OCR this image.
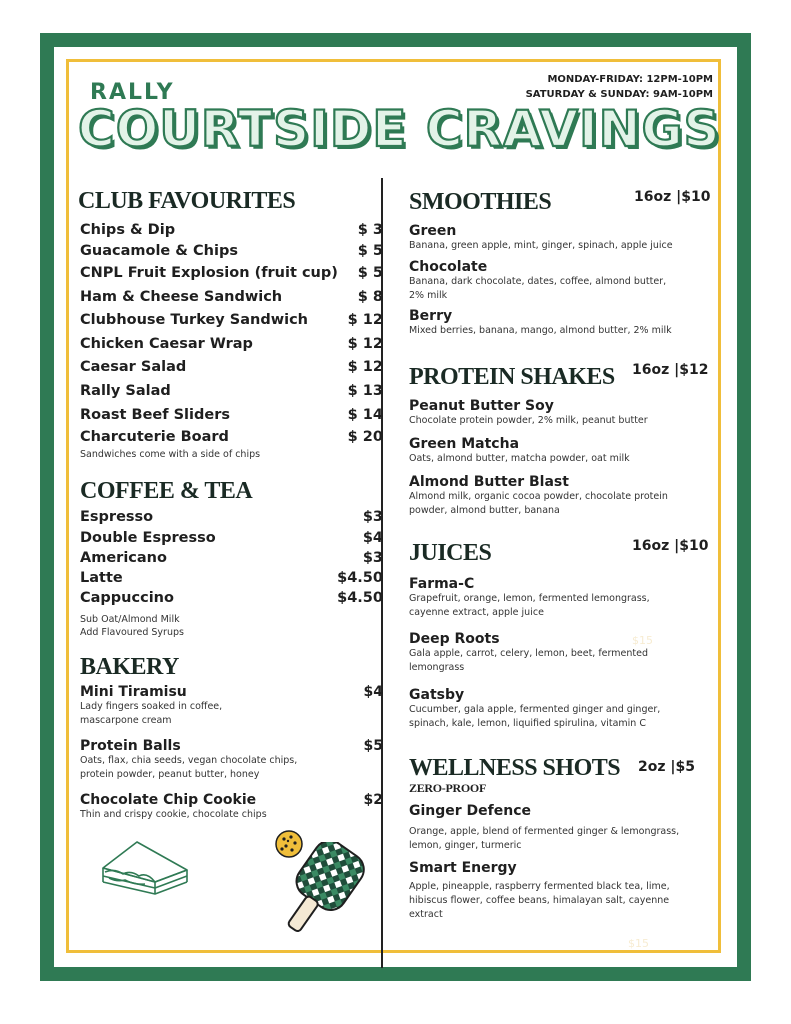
RALLY

COURTSIDE CRAVINGS
MONDAY-FRIDAY: 12PM-10PM
SATURDAY & SUNDAY: 9AM-10PM
CLUB FAVOURITES
Chips & Dip	$ 3
Guacamole & Chips	$ 5
CNPL Fruit Explosion (fruit cup) $ 5
Ham & Cheese Sandwich	$ 8
Clubhouse Turkey Sandwich	$ 12
Chicken Caesar Wrap	$ 12
Caesar Salad	$ 12
Rally Salad	$ 13
Roast Beef Sliders	$ 14
Charcuterie Board	$ 20
Sandwiches come with a side of chips
COFFEE & TEA
Espresso	$3
Double Espresso	$4
Americano	$3
Latte	$4.50
Cappuccino	$4.50
Sub Oat/Almond Milk
Add Flavoured Syrups
BAKERY
Mini Tiramisu	$4
Lady fingers soaked in coffee,
mascarpone cream
Protein Balls	$5
Oats, flax, chia seeds, vegan chocolate chips,
protein powder, peanut butter, honey
Chocolate Chip Cookie	$2
Thin and crispy cookie, chocolate chips
SMOOTHIES	16oz |$10
Green
Banana, green apple, mint, ginger, spinach, apple juice
Chocolate
Banana, dark chocolate, dates, coffee, almond butter,
2% milk
Berry
Mixed berries, banana, mango, almond butter, 2% milk
PROTEIN SHAKES 16oz |$12
Peanut Butter Soy
Chocolate protein powder, 2% milk, peanut butter
Green Matcha
Oats, almond butter, matcha powder, oat milk
Almond Butter Blast
Almond milk, organic cocoa powder, chocolate protein
powder, almond butter, banana
JUICES	16oz |$10
Farma-C
Grapefruit, orange, lemon, fermented lemongrass,
cayenne extract, apple juice
$15
Deep Roots
Gala apple, carrot, celery, lemon, beet, fermented
lemongrass
Gatsby
Cucumber, gala apple, fermented ginger and ginger,
spinach, kale, lemon, liquified spirulina, vitamin C
WELLNESS SHOTS
ZERO-PROOF
2oz |$5
Ginger Defence
Orange, apple, blend of fermented ginger & lemongrass,
lemon, ginger, turmeric
Smart Energy
Apple, pineapple, raspberry fermented black tea, lime,
hibiscus flower, coffee beans, himalayan salt, cayenne
extract
$15
